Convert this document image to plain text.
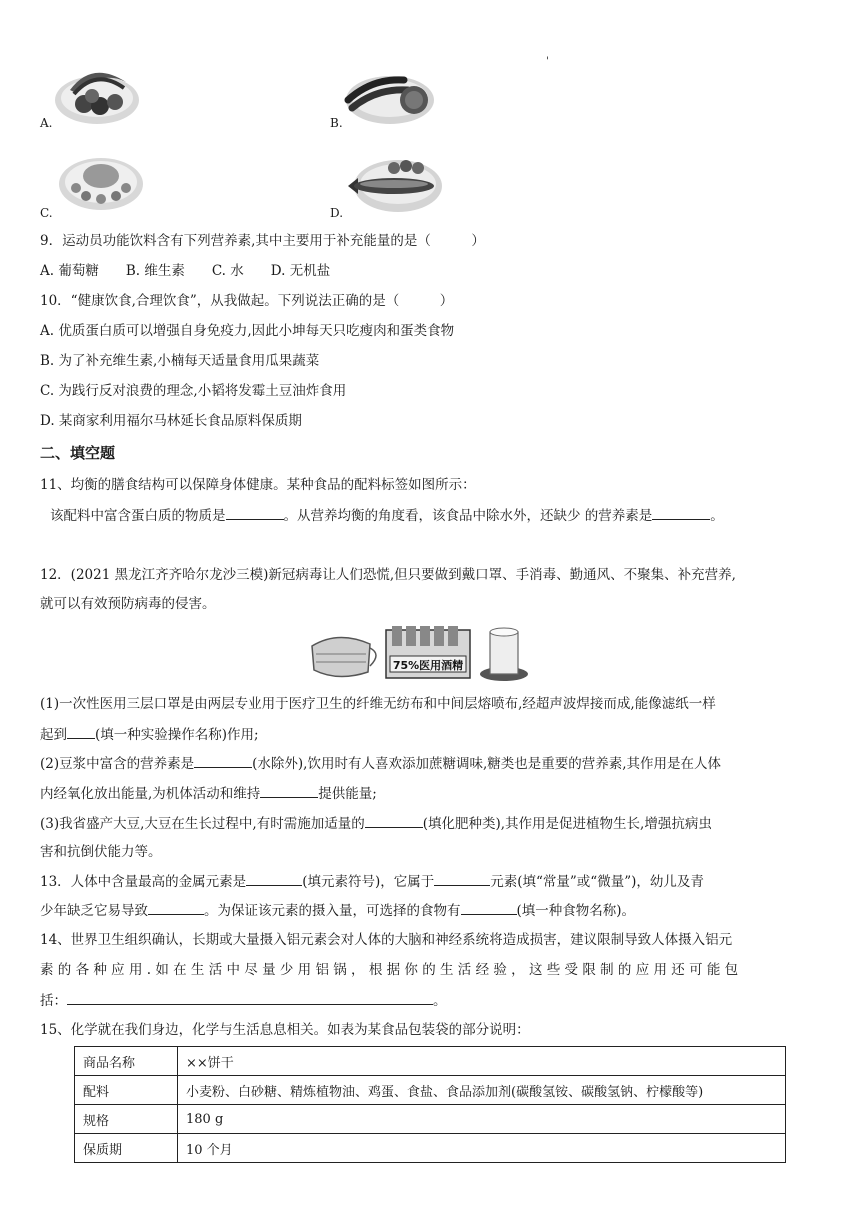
'
A.	B.
C.	D.
9．运动员功能饮料含有下列营养素,其中主要用于补充能量的是（　　　）
A. 葡萄糖　　B. 维生素　　C. 水　　D. 无机盐
10．“健康饮食,合理饮食”，从我做起。下列说法正确的是（　　　）
A. 优质蛋白质可以增强自身免疫力,因此小坤每天只吃瘦肉和蛋类食物
B. 为了补充维生素,小楠每天适量食用瓜果蔬菜
C. 为践行反对浪费的理念,小韬将发霉土豆油炸食用
D. 某商家利用福尔马林延长食品原料保质期
二、填空题
11、均衡的膳食结构可以保障身体健康。某种食品的配料标签如图所示：
该配料中富含蛋白质的物质是	。从营养均衡的角度看，该食品中除水外，还缺少 的营养素是	。
12．(2021 黑龙江齐齐哈尔龙沙三模)新冠病毒让人们恐慌,但只要做到戴口罩、手消毒、勤通风、不聚集、补充营养,
就可以有效预防病毒的侵害。
75%医用酒精
(1)一次性医用三层口罩是由两层专业用于医疗卫生的纤维无纺布和中间层熔喷布,经超声波焊接而成,能像滤纸一样
起到 (填一种实验操作名称)作用;
(2)豆浆中富含的营养素是	(水除外),饮用时有人喜欢添加蔗糖调味,糖类也是重要的营养素,其作用是在人体
内经氧化放出能量,为机体活动和维持	提供能量;
(3)我省盛产大豆,大豆在生长过程中,有时需施加适量的	(填化肥种类),其作用是促进植物生长,增强抗病虫
害和抗倒伏能力等。
13．人体中含量最高的金属元素是	(填元素符号)，它属于	元素(填“常量”或“微量”)，幼儿及青
少年缺乏它易导致	。为保证该元素的摄入量，可选择的食物有	(填一种食物名称)。
14、世界卫生组织确认，长期或大量摄入铝元素会对人体的大脑和神经系统将造成损害，建议限制导致人体摄入铝元
素 的 各 种 应 用 . 如 在 生 活 中 尽 量 少 用 铝 锅 ， 根 据 你 的 生 活 经 验 ， 这 些 受 限 制 的 应 用 还 可 能 包
括：	。
15、化学就在我们身边，化学与生活息息相关。如表为某食品包装袋的部分说明：
商品名称	××饼干
配料	小麦粉、白砂糖、精炼植物油、鸡蛋、食盐、食品添加剂(碳酸氢铵、碳酸氢钠、柠檬酸等)
规格	180 g
保质期	10 个月
